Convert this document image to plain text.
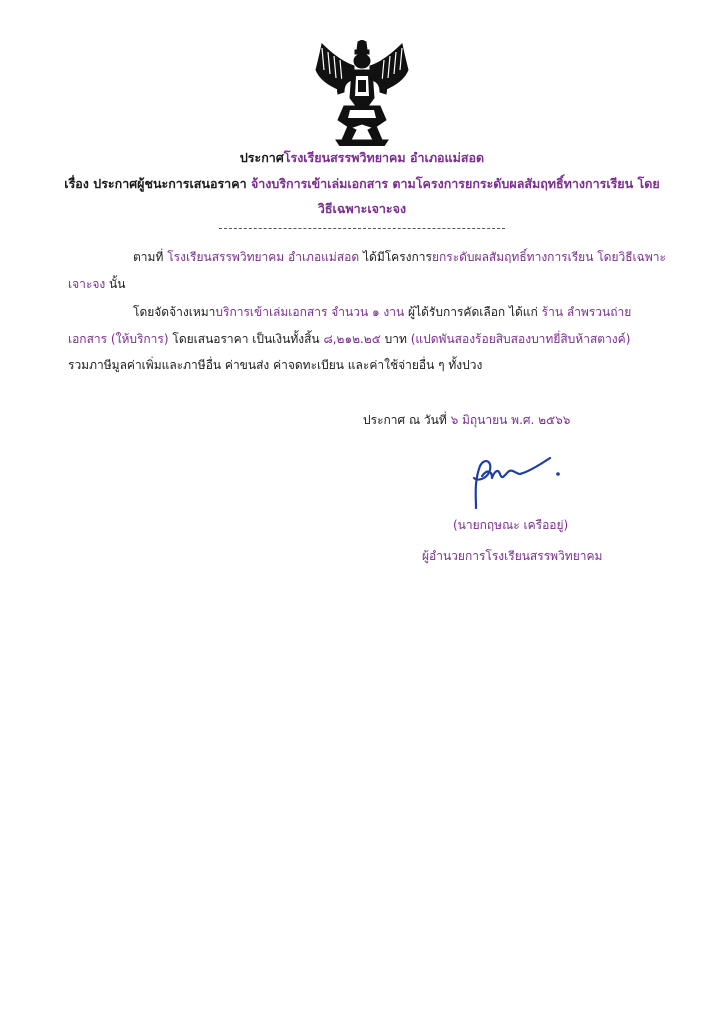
ประกาศโรงเรียนสรรพวิทยาคม อำเภอแม่สอด
เรื่อง ประกาศผู้ชนะการเสนอราคา จ้างบริการเข้าเล่มเอกสาร ตามโครงการยกระดับผลสัมฤทธิ์ทางการเรียน โดย
วิธีเฉพาะเจาะจง
ตามที่ โรงเรียนสรรพวิทยาคม อำเภอแม่สอด ได้มีโครงการยกระดับผลสัมฤทธิ์ทางการเรียน โดยวิธีเฉพาะ
เจาะจง นั้น
โดยจัดจ้างเหมาบริการเข้าเล่มเอกสาร จำนวน ๑ งาน ผู้ได้รับการคัดเลือก ได้แก่ ร้าน ลำพรวนถ่าย
เอกสาร (ให้บริการ) โดยเสนอราคา เป็นเงินทั้งสิ้น ๘,๒๑๒.๒๕ บาท (แปดพันสองร้อยสิบสองบาทยี่สิบห้าสตางค์)
รวมภาษีมูลค่าเพิ่มและภาษีอื่น ค่าขนส่ง ค่าจดทะเบียน และค่าใช้จ่ายอื่น ๆ ทั้งปวง
ประกาศ ณ วันที่ ๖ มิถุนายน พ.ศ. ๒๕๖๖
(นายกฤษณะ เครืออยู่)
ผู้อำนวยการโรงเรียนสรรพวิทยาคม
